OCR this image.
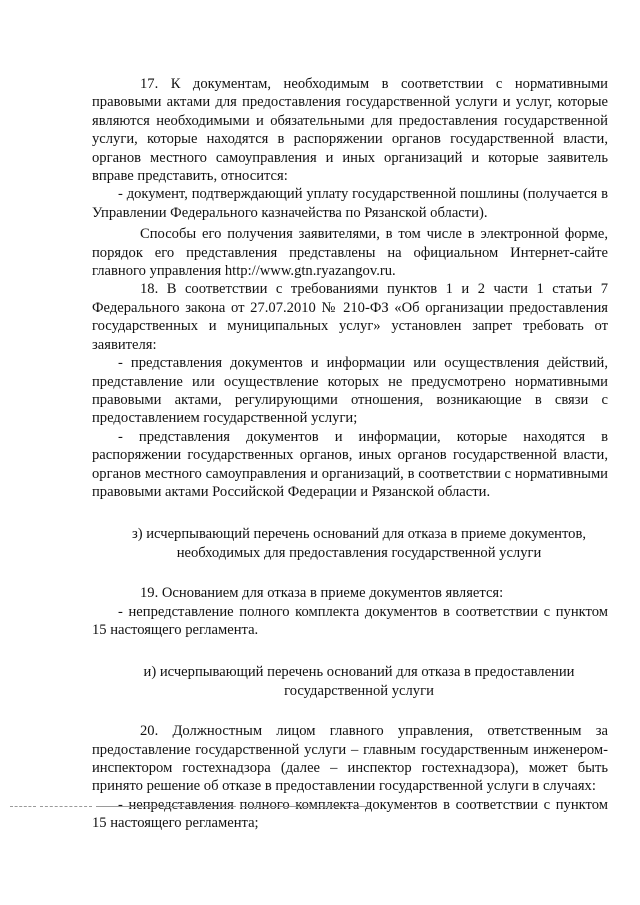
17. К документам, необходимым в соответствии с нормативными правовыми актами для предоставления государственной услуги и услуг, которые являются необходимыми и обязательными для предоставления государственной услуги, которые находятся в распоряжении органов государственной власти, органов местного самоуправления и иных организаций и которые заявитель вправе представить, относится:

- документ, подтверждающий уплату государственной пошлины (получается в Управлении Федерального казначейства по Рязанской области).

Способы его получения заявителями, в том числе в электронной форме, порядок его представления представлены на официальном Интернет-сайте главного управления http://www.gtn.ryazangov.ru.

18. В соответствии с требованиями пунктов 1 и 2 части 1 статьи 7 Федерального закона от 27.07.2010 № 210-ФЗ «Об организации предоставления государственных и муниципальных услуг» установлен запрет требовать от заявителя:

- представления документов и информации или осуществления действий, представление или осуществление которых не предусмотрено нормативными правовыми актами, регулирующими отношения, возникающие в связи с предоставлением государственной услуги;

- представления документов и информации, которые находятся в распоряжении государственных органов, иных органов государственной власти, органов местного самоуправления и организаций, в соответствии с нормативными правовыми актами Российской Федерации и Рязанской области.

з) исчерпывающий перечень оснований для отказа в приеме документов,
необходимых для предоставления государственной услуги

19. Основанием для отказа в приеме документов является:

- непредставление полного комплекта документов в соответствии с пунктом 15 настоящего регламента.

и) исчерпывающий перечень оснований для отказа в предоставлении
государственной услуги

20. Должностным лицом главного управления, ответственным за предоставление государственной услуги – главным государственным инженером-инспектором гостехнадзора (далее – инспектор гостехнадзора), может быть принято решение об отказе в предоставлении государственной услуги в случаях:

- непредставления полного комплекта документов в соответствии с пунктом 15 настоящего регламента;
